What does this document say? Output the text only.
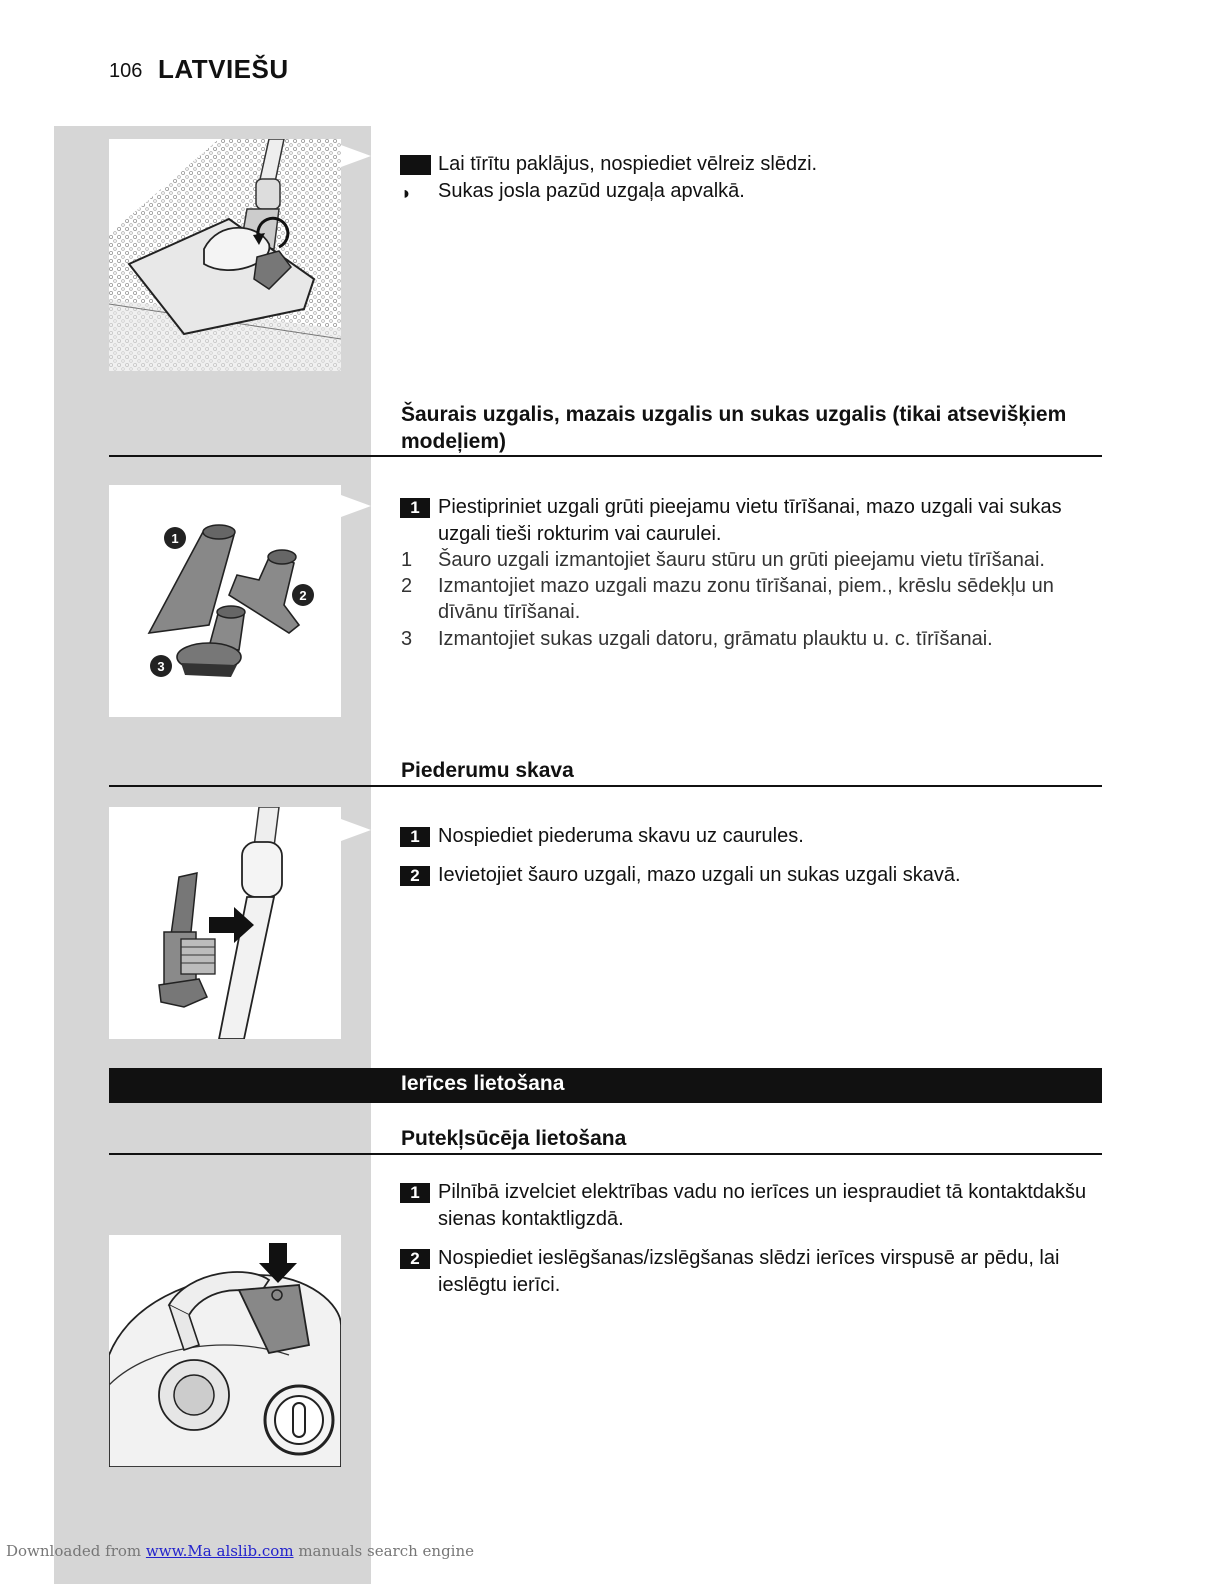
106 LATVIEŠU
Lai tīrītu paklājus, nospiediet vēlreiz slēdzi.
◗ Sukas josla pazūd uzgaļa apvalkā.
Šaurais uzgalis, mazais uzgalis un sukas uzgalis (tikai atsevišķiem modeļiem)
1
2
3
1 Piestipriniet uzgali grūti pieejamu vietu tīrīšanai, mazo uzgali vai sukas uzgali tieši rokturim vai caurulei.
1 Šauro uzgali izmantojiet šauru stūru un grūti pieejamu vietu tīrīšanai.
2 Izmantojiet mazo uzgali mazu zonu tīrīšanai, piem., krēslu sēdekļu un dīvānu tīrīšanai.
3 Izmantojiet sukas uzgali datoru, grāmatu plauktu u. c. tīrīšanai.
Piederumu skava
1 Nospiediet piederuma skavu uz caurules.
2 Ievietojiet šauro uzgali, mazo uzgali un sukas uzgali skavā.
Ierīces lietošana
Putekļsūcēja lietošana
1 Pilnībā izvelciet elektrības vadu no ierīces un iespraudiet tā kontaktdakšu sienas kontaktligzdā.
2 Nospiediet ieslēgšanas/izslēgšanas slēdzi ierīces virspusē ar pēdu, lai ieslēgtu ierīci.
Downloaded from www.Ma alslib.com manuals search engine
